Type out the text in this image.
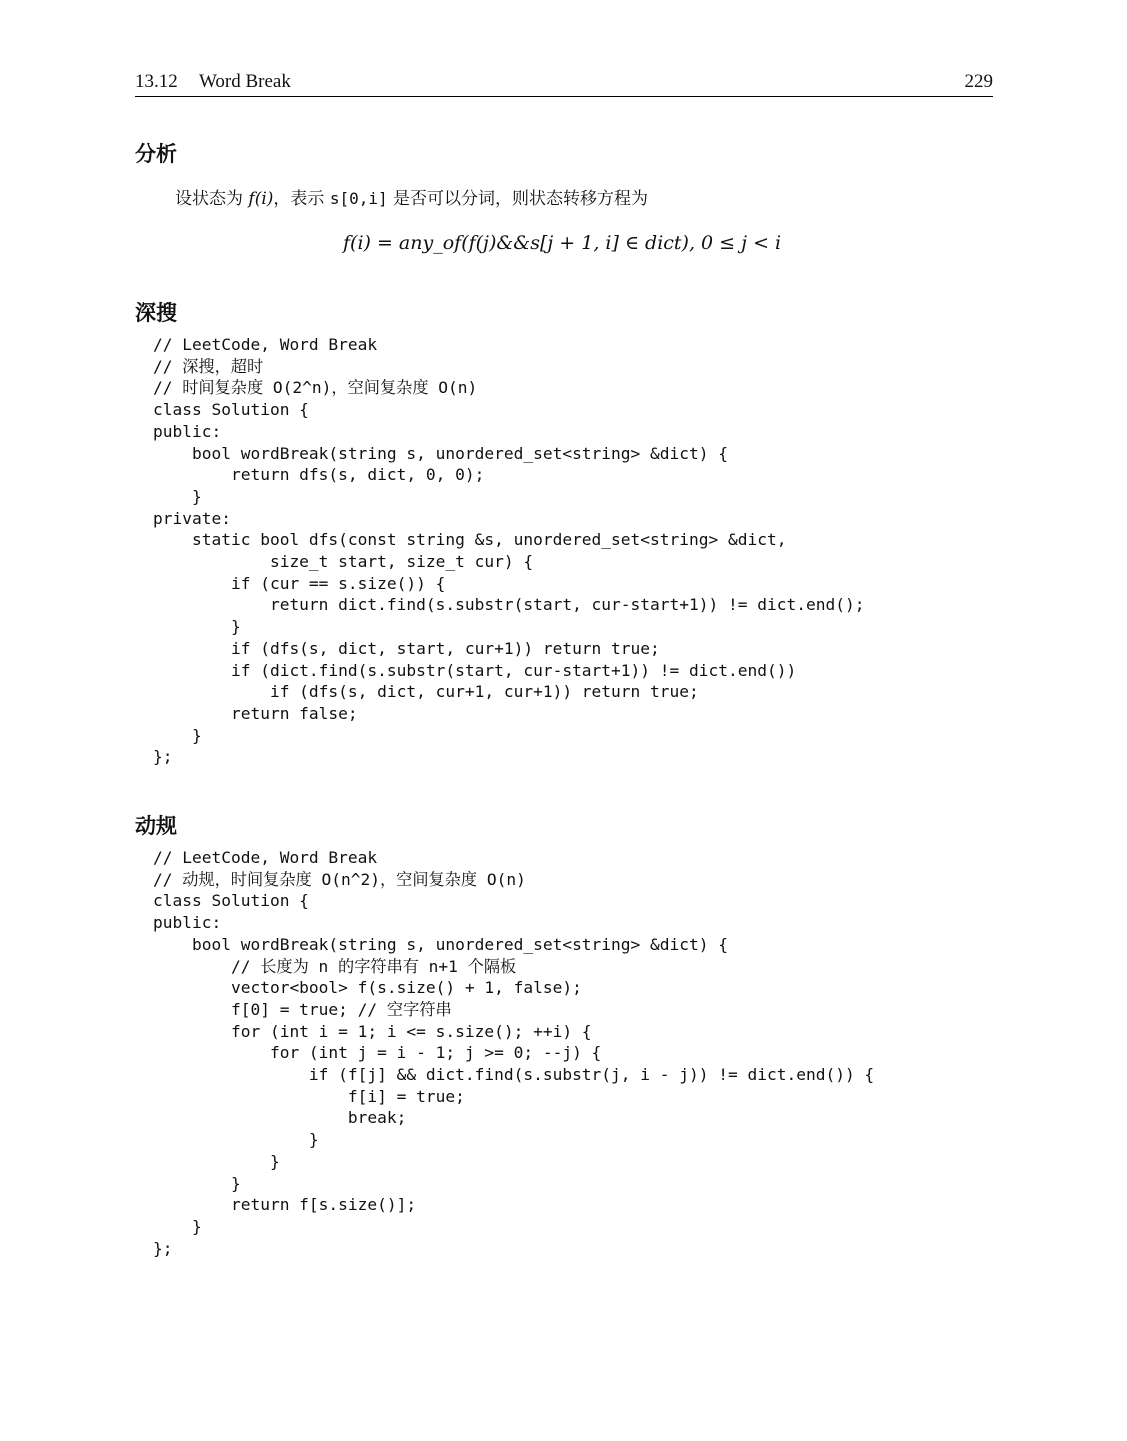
13.12 Word Break	229
分析
设状态为 f(i)，表示 s[0,i] 是否可以分词，则状态转移方程为
f(i) = any_of(f(j)&&s[j + 1, i] ∈ dict), 0 ≤ j < i
深搜
// LeetCode, Word Break
// 深搜，超时
// 时间复杂度 O(2^n)，空间复杂度 O(n)
class Solution {
public:
bool wordBreak(string s, unordered_set<string> &dict) {
return dfs(s, dict, 0, 0);
}
private:
static bool dfs(const string &s, unordered_set<string> &dict,
size_t start, size_t cur) {
if (cur == s.size()) {
return dict.find(s.substr(start, cur-start+1)) != dict.end();
}
if (dfs(s, dict, start, cur+1)) return true;
if (dict.find(s.substr(start, cur-start+1)) != dict.end())
if (dfs(s, dict, cur+1, cur+1)) return true;
return false;
}
};
动规
// LeetCode, Word Break
// 动规，时间复杂度 O(n^2)，空间复杂度 O(n)
class Solution {
public:
bool wordBreak(string s, unordered_set<string> &dict) {
// 长度为 n 的字符串有 n+1 个隔板
vector<bool> f(s.size() + 1, false);
f[0] = true; // 空字符串
for (int i = 1; i <= s.size(); ++i) {
for (int j = i - 1; j >= 0; --j) {
if (f[j] && dict.find(s.substr(j, i - j)) != dict.end()) {
f[i] = true;
break;
}
}
}
return f[s.size()];
}
};
